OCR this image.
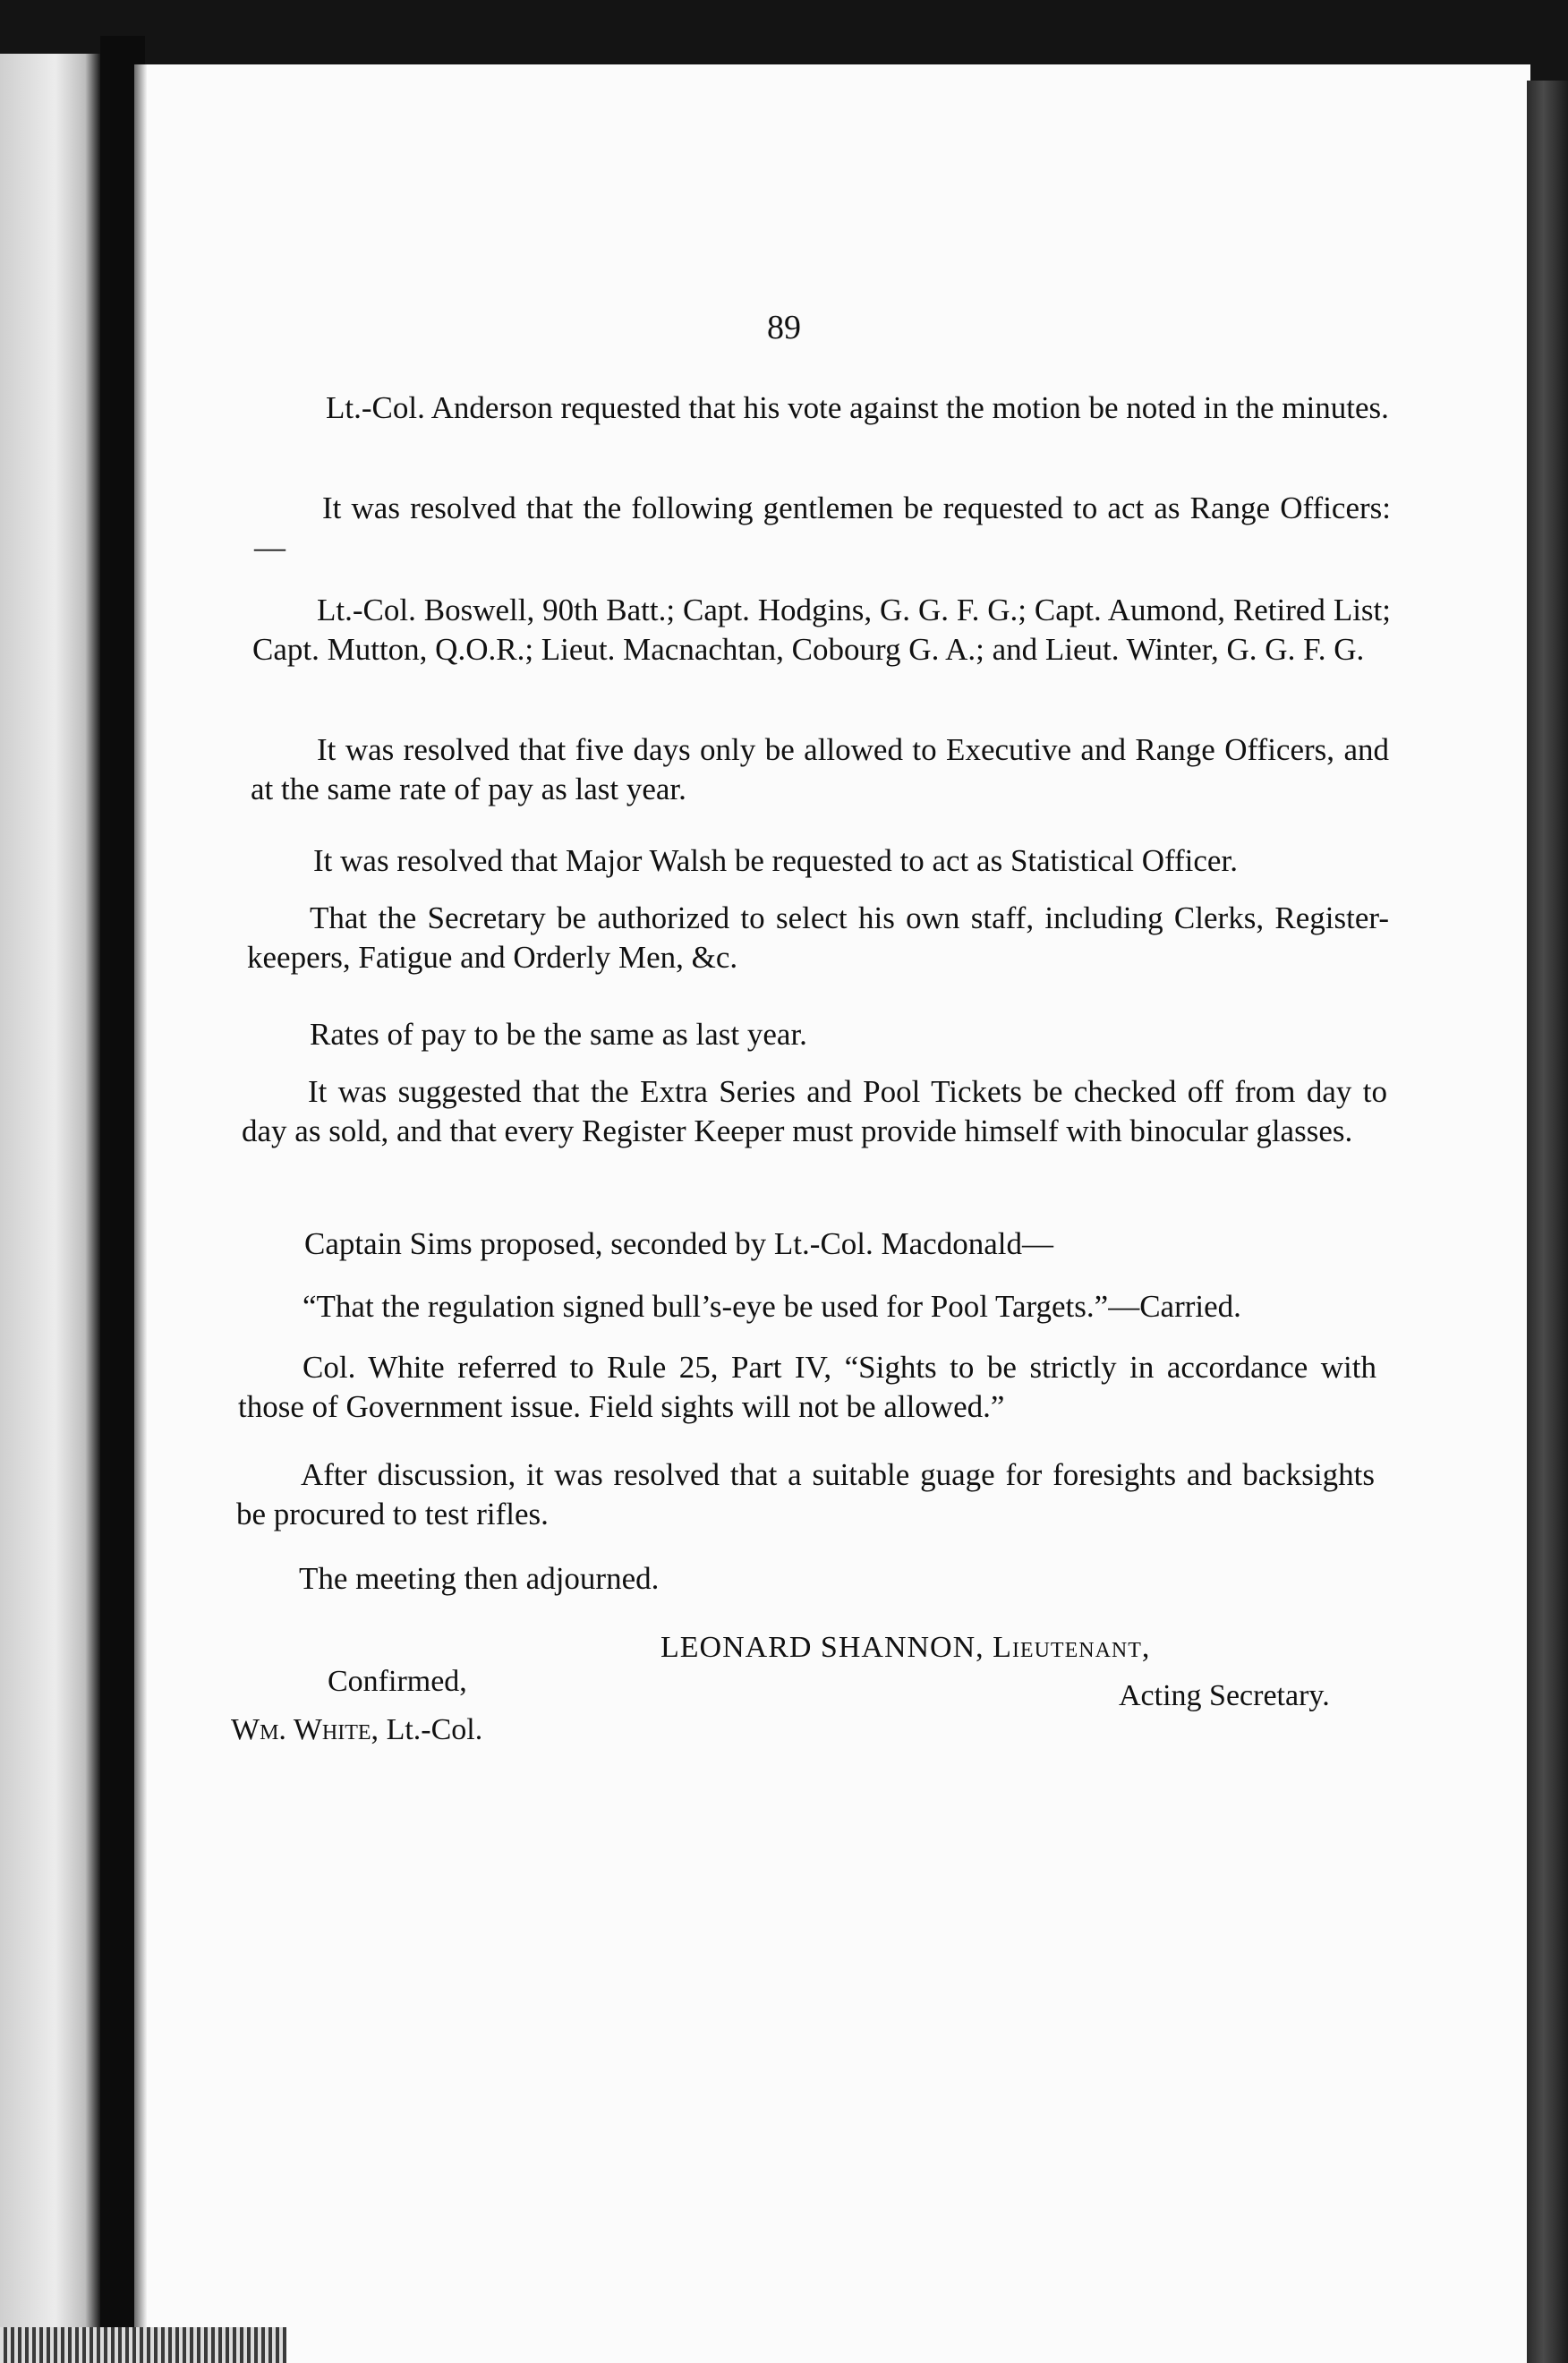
89

Lt.-Col. Anderson requested that his vote against the motion be noted in the minutes.

It was resolved that the following gentlemen be requested to act as Range Officers:—

Lt.-Col. Boswell, 90th Batt.; Capt. Hodgins, G. G. F. G.; Capt. Aumond, Retired List; Capt. Mutton, Q.O.R.; Lieut. Macnachtan, Cobourg G. A.; and Lieut. Winter, G. G. F. G.

It was resolved that five days only be allowed to Executive and Range Officers, and at the same rate of pay as last year.

It was resolved that Major Walsh be requested to act as Statistical Officer.

That the Secretary be authorized to select his own staff, including Clerks, Register-keepers, Fatigue and Orderly Men, &c.

Rates of pay to be the same as last year.

It was suggested that the Extra Series and Pool Tickets be checked off from day to day as sold, and that every Register Keeper must provide himself with binocular glasses.

Captain Sims proposed, seconded by Lt.-Col. Macdonald—

“That the regulation signed bull’s-eye be used for Pool Targets.”—Carried.

Col. White referred to Rule 25, Part IV, “Sights to be strictly in accordance with those of Government issue. Field sights will not be allowed.”

After discussion, it was resolved that a suitable guage for foresights and backsights be procured to test rifles.

The meeting then adjourned.

LEONARD SHANNON, Lieutenant,

Acting Secretary.

Confirmed,

Wm. White, Lt.-Col.
